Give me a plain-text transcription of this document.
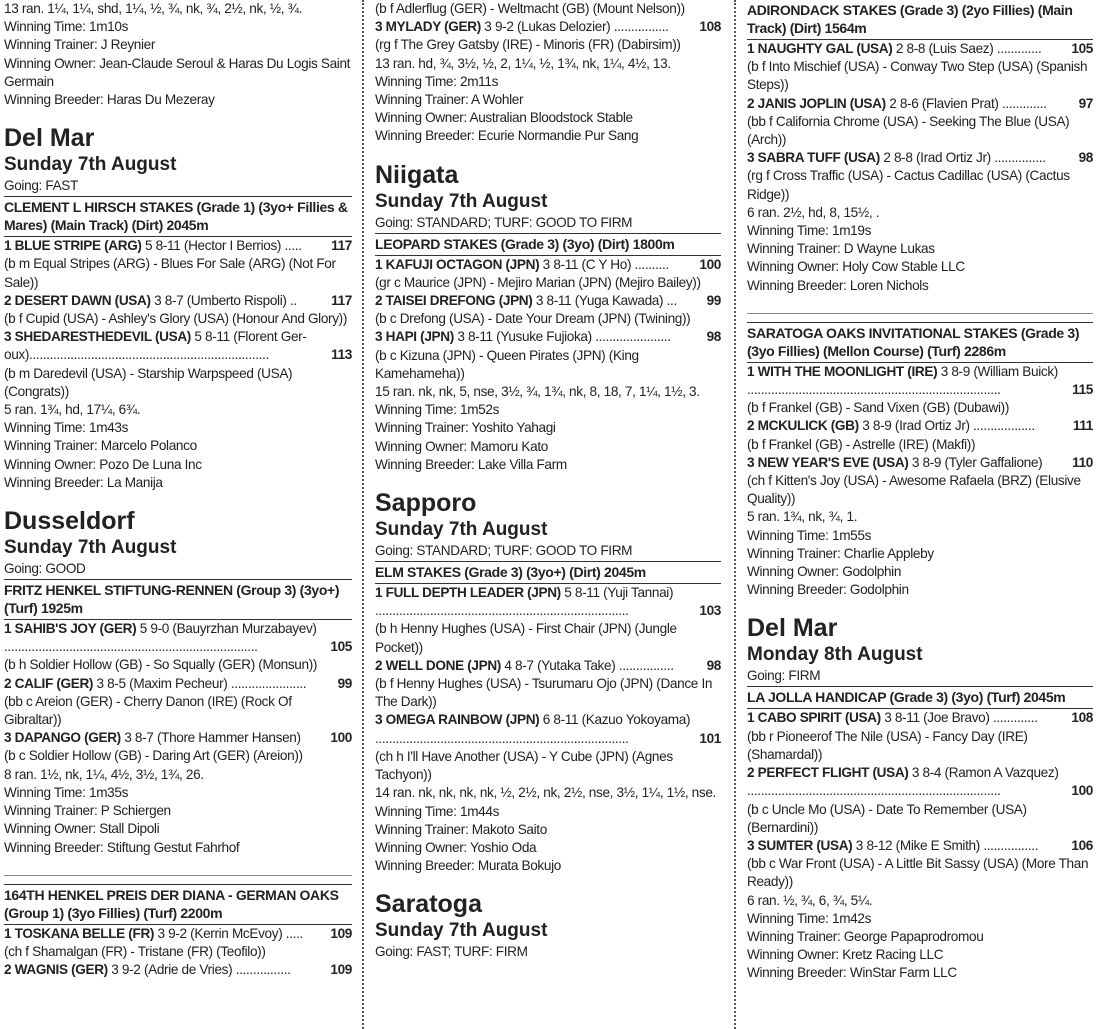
13 ran. 1¼, 1¼, shd, 1¼, ½, ¾, nk, ¾, 2½, nk, ½, ¾.
Winning Time: 1m10s
Winning Trainer: J Reynier
Winning Owner: Jean-Claude Seroul & Haras Du Logis Saint Germain
Winning Breeder: Haras Du Mezeray
Del Mar
Sunday 7th August
Going: FAST
CLEMENT L HIRSCH STAKES (Grade 1) (3yo+ Fillies & Mares) (Main Track) (Dirt) 2045m
1 BLUE STRIPE (ARG) 5 8-11 (Hector I Berrios) ..... 117
(b m Equal Stripes (ARG) - Blues For Sale (ARG) (Not For Sale))
2 DESERT DAWN (USA) 3 8-7 (Umberto Rispoli) ..	117
(b f Cupid (USA) - Ashley's Glory (USA) (Honour And Glory))
3 SHEDARESTHEDEVIL (USA) 5 8-11 (Florent Ger-
oux)......................................................................	113
(b m Daredevil (USA) - Starship Warpspeed (USA) (Congrats))
5 ran. 1¾, hd, 17¼, 6¾.
Winning Time: 1m43s
Winning Trainer: Marcelo Polanco
Winning Owner: Pozo De Luna Inc
Winning Breeder: La Manija
Dusseldorf
Sunday 7th August
Going: GOOD
FRITZ HENKEL STIFTUNG-RENNEN (Group 3) (3yo+) (Turf) 1925m
1 SAHIB'S JOY (GER) 5 9-0 (Bauyrzhan Murzabayev)
..........................................................................	105
(b h Soldier Hollow (GB) - So Squally (GER) (Monsun))
2 CALIF (GER) 3 8-5 (Maxim Pecheur) ...................... 99
(bb c Areion (GER) - Cherry Danon (IRE) (Rock Of Gibraltar))
3 DAPANGO (GER) 3 8-7 (Thore Hammer Hansen) 100
(b c Soldier Hollow (GB) - Daring Art (GER) (Areion))
8 ran. 1½, nk, 1¼, 4½, 3½, 1¾, 26.
Winning Time: 1m35s
Winning Trainer: P Schiergen
Winning Owner: Stall Dipoli
Winning Breeder: Stiftung Gestut Fahrhof
164TH HENKEL PREIS DER DIANA - GERMAN OAKS (Group 1) (3yo Fillies) (Turf) 2200m
1 TOSKANA BELLE (FR) 3 9-2 (Kerrin McEvoy) ..... 109
(ch f Shamalgan (FR) - Tristane (FR) (Teofilo))
2 WAGNIS (GER) 3 9-2 (Adrie de Vries) ................	109
(b f Adlerflug (GER) - Weltmacht (GB) (Mount Nelson))
3 MYLADY (GER) 3 9-2 (Lukas Delozier) ................ 108
(rg f The Grey Gatsby (IRE) - Minoris (FR) (Dabirsim))
13 ran. hd, ¾, 3½, ½, 2, 1¼, ½, 1¾, nk, 1¼, 4½, 13.
Winning Time: 2m11s
Winning Trainer: A Wohler
Winning Owner: Australian Bloodstock Stable
Winning Breeder: Ecurie Normandie Pur Sang
Niigata
Sunday 7th August
Going: STANDARD; TURF: GOOD TO FIRM
LEOPARD STAKES (Grade 3) (3yo) (Dirt) 1800m
1 KAFUJI OCTAGON (JPN) 3 8-11 (C Y Ho) .......... 100
(gr c Maurice (JPN) - Mejiro Marian (JPN) (Mejiro Bailey))
2 TAISEI DREFONG (JPN) 3 8-11 (Yuga Kawada) ... 99
(b c Drefong (USA) - Date Your Dream (JPN) (Twining))
3 HAPI (JPN) 3 8-11 (Yusuke Fujioka) ......................	98
(b c Kizuna (JPN) - Queen Pirates (JPN) (King Kamehameha))
15 ran. nk, nk, 5, nse, 3½, ¾, 1¾, nk, 8, 18, 7, 1¼, 1½, 3.
Winning Time: 1m52s
Winning Trainer: Yoshito Yahagi
Winning Owner: Mamoru Kato
Winning Breeder: Lake Villa Farm
Sapporo
Sunday 7th August
Going: STANDARD; TURF: GOOD TO FIRM
ELM STAKES (Grade 3) (3yo+) (Dirt) 2045m
1 FULL DEPTH LEADER (JPN) 5 8-11 (Yuji Tannai)
..........................................................................	103
(b h Henny Hughes (USA) - First Chair (JPN) (Jungle Pocket))
2 WELL DONE (JPN) 4 8-7 (Yutaka Take) ................ 98
(b f Henny Hughes (USA) - Tsurumaru Ojo (JPN) (Dance In The Dark))
3 OMEGA RAINBOW (JPN) 6 8-11 (Kazuo Yokoyama)
..........................................................................	101
(ch h I'll Have Another (USA) - Y Cube (JPN) (Agnes Tachyon))
14 ran. nk, nk, nk, nk, ½, 2½, nk, 2½, nse, 3½, 1¼, 1½, nse.
Winning Time: 1m44s
Winning Trainer: Makoto Saito
Winning Owner: Yoshio Oda
Winning Breeder: Murata Bokujo
Saratoga
Sunday 7th August
Going: FAST; TURF: FIRM
ADIRONDACK STAKES (Grade 3) (2yo Fillies) (Main Track) (Dirt) 1564m
1 NAUGHTY GAL (USA) 2 8-8 (Luis Saez) ............. 105
(b f Into Mischief (USA) - Conway Two Step (USA) (Spanish Steps))
2 JANIS JOPLIN (USA) 2 8-6 (Flavien Prat) ............. 97
(bb f California Chrome (USA) - Seeking The Blue (USA) (Arch))
3 SABRA TUFF (USA) 2 8-8 (Irad Ortiz Jr) ............... 98
(rg f Cross Traffic (USA) - Cactus Cadillac (USA) (Cactus Ridge))
6 ran. 2½, hd, 8, 15½, .
Winning Time: 1m19s
Winning Trainer: D Wayne Lukas
Winning Owner: Holy Cow Stable LLC
Winning Breeder: Loren Nichols
SARATOGA OAKS INVITATIONAL STAKES (Grade 3) (3yo Fillies) (Mellon Course) (Turf) 2286m
1 WITH THE MOONLIGHT (IRE) 3 8-9 (William Buick)
..........................................................................	115
(b f Frankel (GB) - Sand Vixen (GB) (Dubawi))
2 MCKULICK (GB) 3 8-9 (Irad Ortiz Jr) ..................	111
(b f Frankel (GB) - Astrelle (IRE) (Makfi))
3 NEW YEAR'S EVE (USA) 3 8-9 (Tyler Gaffalione) 110
(ch f Kitten's Joy (USA) - Awesome Rafaela (BRZ) (Elusive Quality))
5 ran. 1¾, nk, ¾, 1.
Winning Time: 1m55s
Winning Trainer: Charlie Appleby
Winning Owner: Godolphin
Winning Breeder: Godolphin
Del Mar
Monday 8th August
Going: FIRM
LA JOLLA HANDICAP (Grade 3) (3yo) (Turf) 2045m
1 CABO SPIRIT (USA) 3 8-11 (Joe Bravo) ............. 108
(bb r Pioneerof The Nile (USA) - Fancy Day (IRE) (Shamardal))
2 PERFECT FLIGHT (USA) 3 8-4 (Ramon A Vazquez)
..........................................................................	100
(b c Uncle Mo (USA) - Date To Remember (USA) (Bernardini))
3 SUMTER (USA) 3 8-12 (Mike E Smith) ................ 106
(bb c War Front (USA) - A Little Bit Sassy (USA) (More Than Ready))
6 ran. ½, ¾, 6, ¾, 5¼.
Winning Time: 1m42s
Winning Trainer: George Papaprodromou
Winning Owner: Kretz Racing LLC
Winning Breeder: WinStar Farm LLC
